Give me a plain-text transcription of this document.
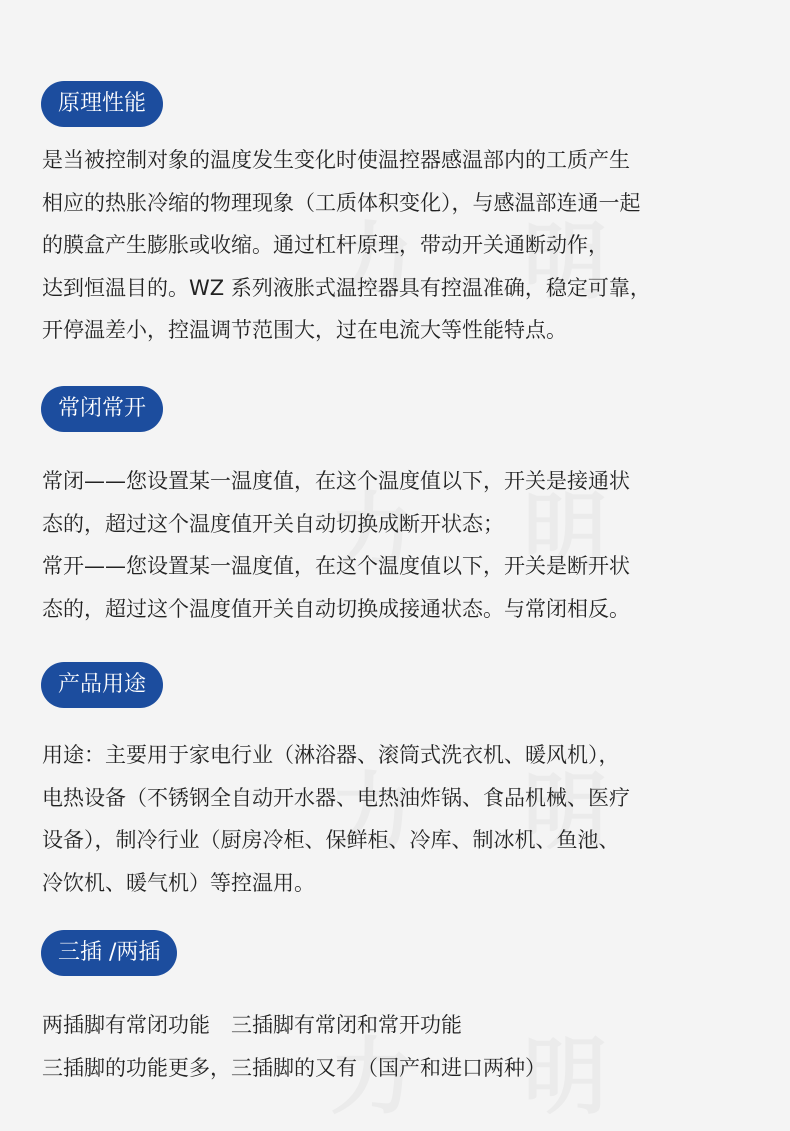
原理性能
是当被控制对象的温度发生变化时使温控器感温部内的工质产生
相应的热胀冷缩的物理现象（工质体积变化），与感温部连通一起
的膜盒产生膨胀或收缩。通过杠杆原理，带动开关通断动作，
达到恒温目的。WZ 系列液胀式温控器具有控温准确，稳定可靠，
开停温差小，控温调节范围大，过在电流大等性能特点。
常闭常开
常闭——您设置某一温度值，在这个温度值以下，开关是接通状
态的，超过这个温度值开关自动切换成断开状态；
常开——您设置某一温度值，在这个温度值以下，开关是断开状
态的，超过这个温度值开关自动切换成接通状态。与常闭相反。
产品用途
用途：主要用于家电行业（淋浴器、滚筒式洗衣机、暖风机），
电热设备（不锈钢全自动开水器、电热油炸锅、食品机械、医疗
设备），制冷行业（厨房冷柜、保鲜柜、冷库、制冰机、鱼池、
冷饮机、暖气机）等控温用。
三插 /两插
两插脚有常闭功能　三插脚有常闭和常开功能
三插脚的功能更多，三插脚的又有（国产和进口两种）
